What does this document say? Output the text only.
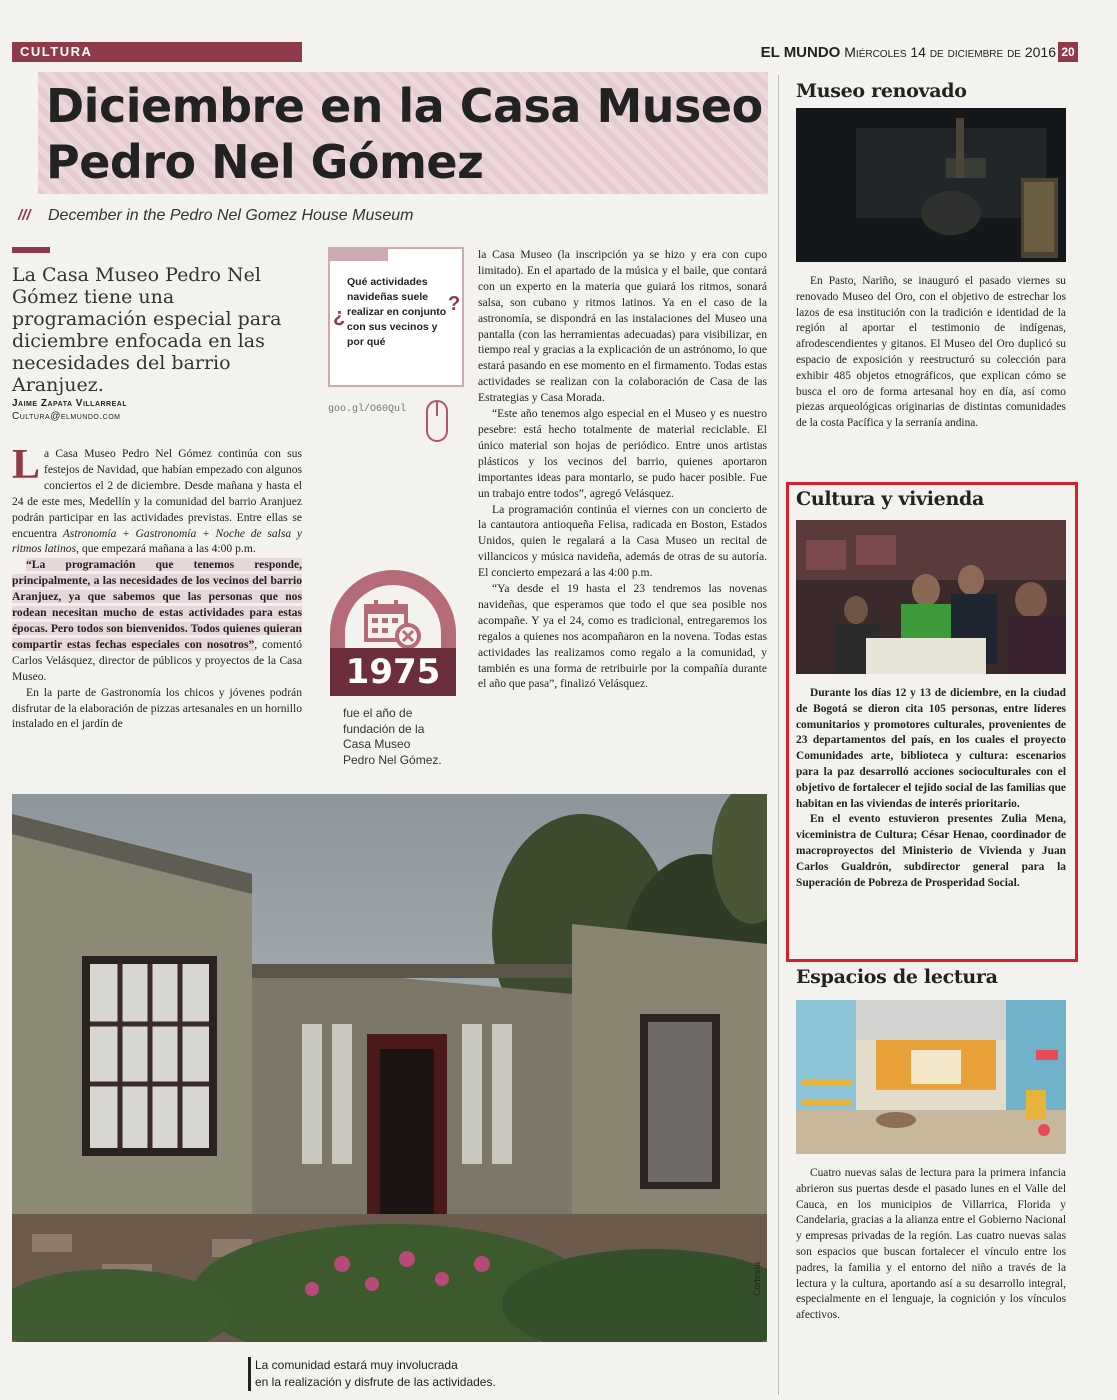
CULTURA	EL MUNDO Miércoles 14 de diciembre de 2016 20
Diciembre en la Casa Museo Pedro Nel Gómez
/// December in the Pedro Nel Gomez House Museum
La Casa Museo Pedro Nel Gómez tiene una programación especial para diciembre enfocada en las necesidades del barrio Aranjuez.
Jaime Zapata Villarreal
Cultura@elmundo.com

La Casa Museo Pedro Nel Gómez continúa con sus festejos de Navidad, que habían empezado con algunos conciertos el 2 de diciembre. Desde mañana y hasta el 24 de este mes, Medellín y la comunidad del barrio Aranjuez podrán participar en las actividades previstas. Entre ellas se encuentra Astronomía + Gastronomía + Noche de salsa y ritmos latinos, que empezará mañana a las 4:00 p.m.

“La programación que tenemos responde, principalmente, a las necesidades de los vecinos del barrio Aranjuez, ya que sabemos que las personas que nos rodean necesitan mucho de estas actividades para estas épocas. Pero todos son bienvenidos. Todos quienes quieran compartir estas fechas especiales con nosotros”, comentó Carlos Velásquez, director de públicos y proyectos de la Casa Museo.

En la parte de Gastronomía los chicos y jóvenes podrán disfrutar de la elaboración de pizzas artesanales en un hornillo instalado en el jardín de

¿
Qué actividades navideñas suele realizar en conjunto con sus vecinos y por qué
?
goo.gl/O60Qul

la Casa Museo (la inscripción ya se hizo y era con cupo limitado). En el apartado de la música y el baile, que contará con un experto en la materia que guiará los ritmos, sonará salsa, son cubano y ritmos latinos. Ya en el caso de la astronomía, se dispondrá en las instalaciones del Museo una pantalla (con las herramientas adecuadas) para visibilizar, en tiempo real y gracias a la explicación de un astrónomo, lo que estará pasando en ese momento en el firmamento. Todas estas actividades se realizan con la colaboración de Casa de las Estrategias y Casa Morada.

“Este año tenemos algo especial en el Museo y es nuestro pesebre: está hecho totalmente de material reciclable. El único material son hojas de periódico. Entre unos artistas plásticos y los vecinos del barrio, quienes aportaron importantes ideas para montarlo, se pudo hacer posible. Fue un trabajo entre todos”, agregó Velásquez.

La programación continúa el viernes con un concierto de la cantautora antioqueña Felisa, radicada en Boston, Estados Unidos, quien le regalará a la Casa Museo un recital de villancicos y música navideña, además de otras de su autoría. El concierto empezará a las 4:00 p.m.

“Ya desde el 19 hasta el 23 tendremos las novenas navideñas, que esperamos que todo el que sea posible nos acompañe. Y ya el 24, como es tradicional, entregaremos los regalos a quienes nos acompañaron en la novena. Todas estas actividades las realizamos como regalo a la comunidad, y también es una forma de retribuirle por la compañía durante el año que pasa”, finalizó Velásquez.

1975
fue el año de fundación de la Casa Museo Pedro Nel Gómez.
Cortesía
La comunidad estará muy involucrada
en la realización y disfrute de las actividades.
Museo renovado
En Pasto, Nariño, se inauguró el pasado viernes su renovado Museo del Oro, con el objetivo de estrechar los lazos de esa institución con la tradición e identidad de la región al aportar el testimonio de indígenas, afrodescendientes y gitanos. El Museo del Oro duplicó su espacio de exposición y reestructuró su colección para exhibir 485 objetos etnográficos, que explican cómo se busca el oro de forma artesanal hoy en día, así como piezas arqueológicas originarias de distintas comunidades de la costa Pacífica y la serranía andina.
Cultura y vivienda

Durante los días 12 y 13 de diciembre, en la ciudad de Bogotá se dieron cita 105 personas, entre líderes comunitarios y promotores culturales, provenientes de 23 departamentos del país, en los cuales el proyecto Comunidades arte, biblioteca y cultura: escenarios para la paz desarrolló acciones socioculturales con el objetivo de fortalecer el tejido social de las familias que habitan en las viviendas de interés prioritario.

En el evento estuvieron presentes Zulia Mena, viceministra de Cultura; César Henao, coordinador de macroproyectos del Ministerio de Vivienda y Juan Carlos Gualdrón, subdirector general para la Superación de Pobreza de Prosperidad Social.

Espacios de lectura
Cuatro nuevas salas de lectura para la primera infancia abrieron sus puertas desde el pasado lunes en el Valle del Cauca, en los municipios de Villarrica, Florida y Candelaria, gracias a la alianza entre el Gobierno Nacional y empresas privadas de la región. Las cuatro nuevas salas son espacios que buscan fortalecer el vínculo entre los padres, la familia y el entorno del niño a través de la lectura y la cultura, aportando así a su desarrollo integral, especialmente en el lenguaje, la cognición y los vínculos afectivos.
